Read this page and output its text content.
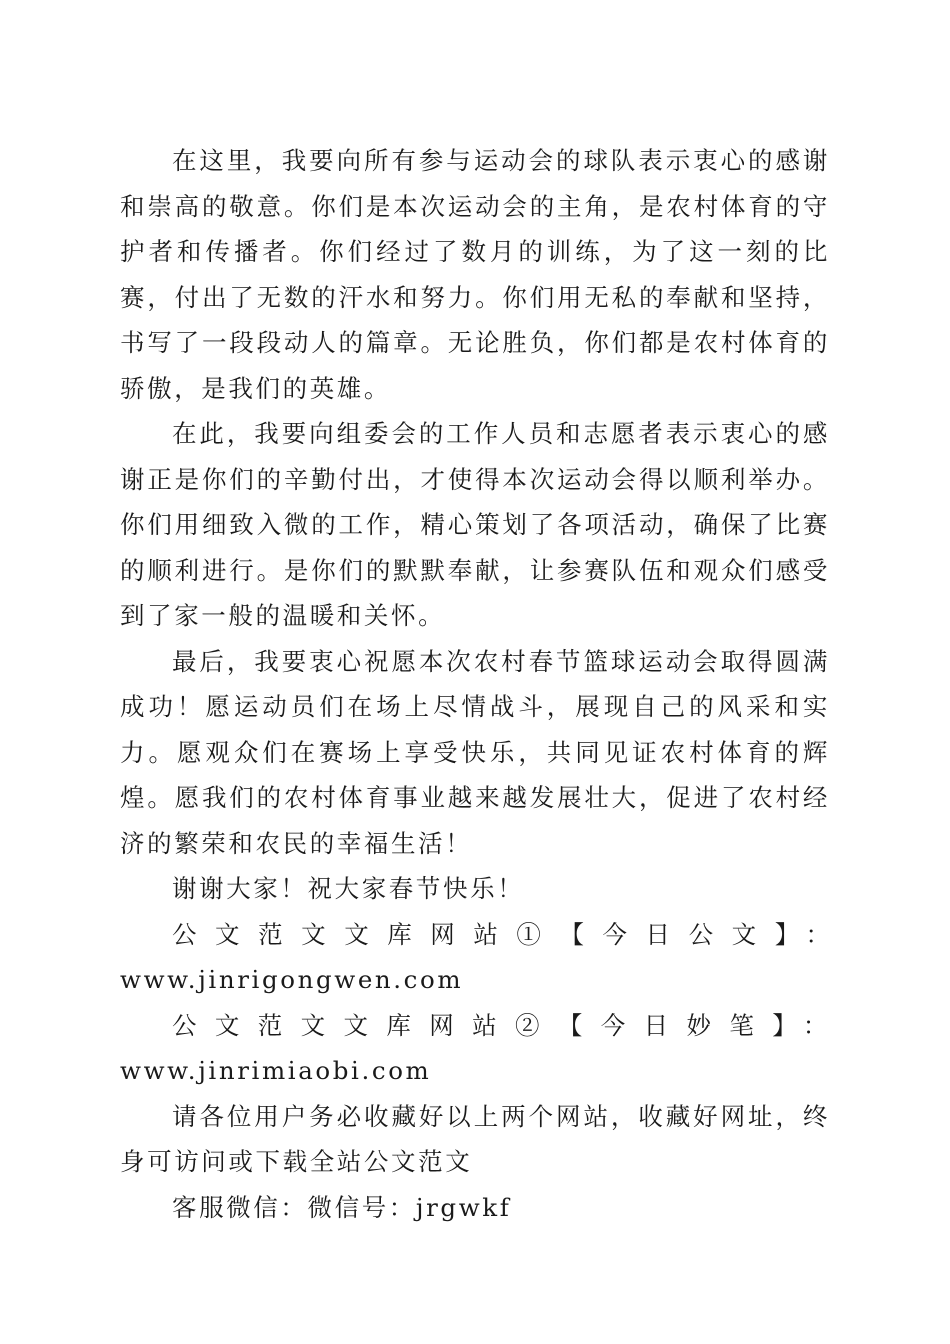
在这里，我要向所有参与运动会的球队表示衷心的感谢和崇高的敬意。你们是本次运动会的主角，是农村体育的守护者和传播者。你们经过了数月的训练，为了这一刻的比赛，付出了无数的汗水和努力。你们用无私的奉献和坚持，书写了一段段动人的篇章。无论胜负，你们都是农村体育的骄傲，是我们的英雄。

在此，我要向组委会的工作人员和志愿者表示衷心的感谢正是你们的辛勤付出，才使得本次运动会得以顺利举办。你们用细致入微的工作，精心策划了各项活动，确保了比赛的顺利进行。是你们的默默奉献，让参赛队伍和观众们感受到了家一般的温暖和关怀。

最后，我要衷心祝愿本次农村春节篮球运动会取得圆满成功！愿运动员们在场上尽情战斗，展现自己的风采和实力。愿观众们在赛场上享受快乐，共同见证农村体育的辉煌。愿我们的农村体育事业越来越发展壮大，促进了农村经济的繁荣和农民的幸福生活！

谢谢大家！祝大家春节快乐！

公文范文文库网站①【今日公文】：

www.jinrigongwen.com

公文范文文库网站②【今日妙笔】：www.jinrimiaobi.com

请各位用户务必收藏好以上两个网站，收藏好网址，终身可访问或下载全站公文范文

客服微信：微信号：jrgwkf
